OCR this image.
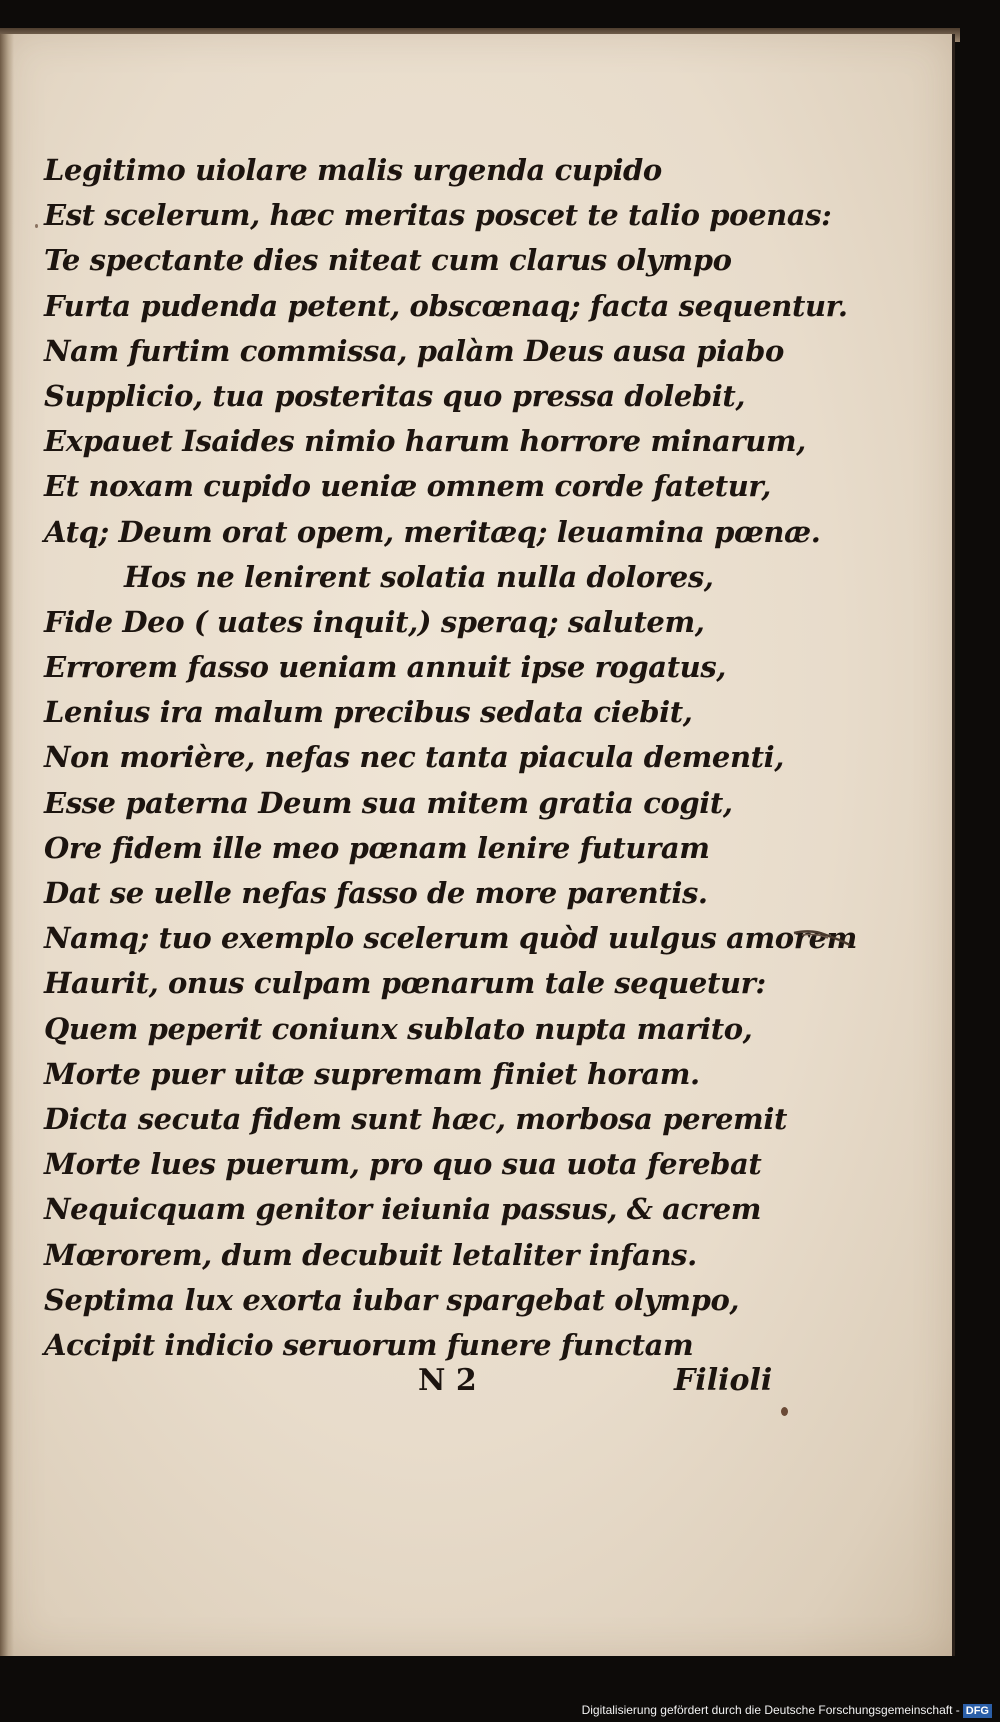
Legitimo uiolare malis urgenda cupido
Est scelerum, hæc meritas poscet te talio poenas:
Te spectante dies niteat cum clarus olympo
Furta pudenda petent, obscœnaq; facta sequentur.
Nam furtim commissa, palàm Deus ausa piabo
Supplicio, tua posteritas quo pressa dolebit,
Expauet Isaides nimio harum horrore minarum,
Et noxam cupido ueniæ omnem corde fatetur,
Atq; Deum orat opem, meritæq; leuamina pœnæ.
Hos ne lenirent solatia nulla dolores,
Fide Deo ( uates inquit,) speraq; salutem,
Errorem fasso ueniam annuit ipse rogatus,
Lenius ira malum precibus sedata ciebit,
Non morière, nefas nec tanta piacula dementi,
Esse paterna Deum sua mitem gratia cogit,
Ore fidem ille meo pœnam lenire futuram
Dat se uelle nefas fasso de more parentis.
Namq; tuo exemplo scelerum quòd uulgus amorem
Haurit, onus culpam pœnarum tale sequetur:
Quem peperit coniunx sublato nupta marito,
Morte puer uitæ supremam finiet horam.
Dicta secuta fidem sunt hæc, morbosa peremit
Morte lues puerum, pro quo sua uota ferebat
Nequicquam genitor ieiunia passus, & acrem
Mœrorem, dum decubuit letaliter infans.
Septima lux exorta iubar spargebat olympo,
Accipit indicio seruorum funere functam
N 2	Filioli
Digitalisierung gefördert durch die Deutsche Forschungsgemeinschaft - DFG
